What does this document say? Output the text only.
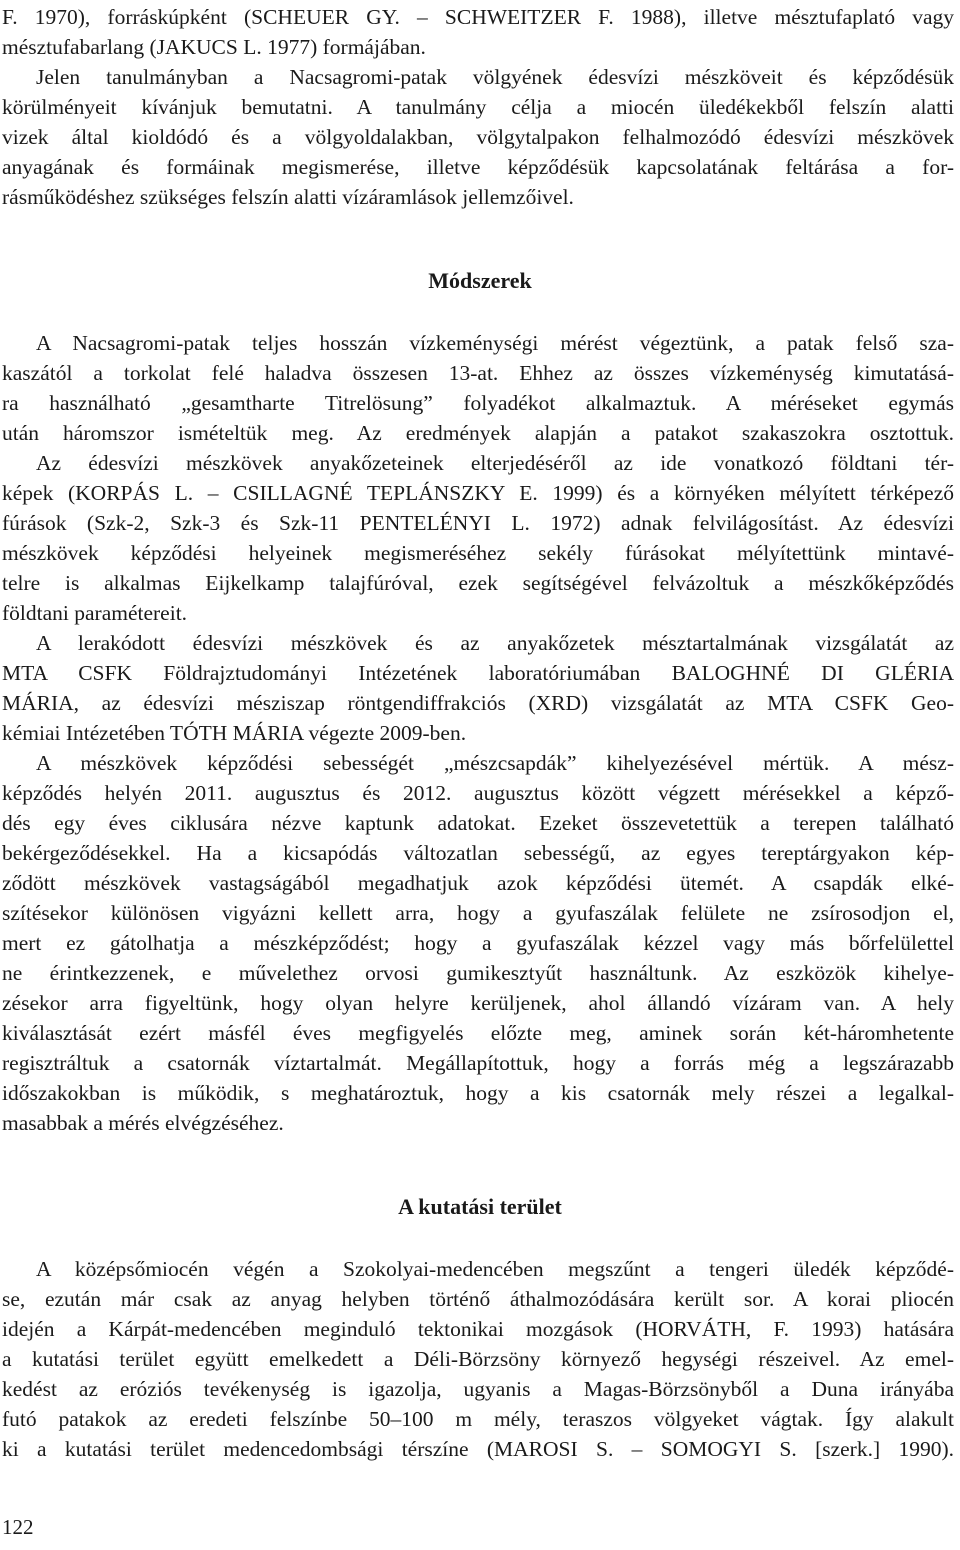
F. 1970), forráskúpként (SCHEUER GY. – SCHWEITZER F. 1988), illetve mésztufaplató vagy
mésztufabarlang (JAKUCS L. 1977) formájában.
Jelen tanulmányban a Nacsagromi-patak völgyének édesvízi mészköveit és képződésük
körülményeit kívánjuk bemutatni. A tanulmány célja a miocén üledékekből felszín alatti
vizek által kioldódó és a völgyoldalakban, völgytalpakon felhalmozódó édesvízi mészkövek
anyagának és formáinak megismerése, illetve képződésük kapcsolatának feltárása a for-
rásműködéshez szükséges felszín alatti vízáramlások jellemzőivel.
Módszerek
A Nacsagromi-patak teljes hosszán vízkeménységi mérést végeztünk, a patak felső sza-
kaszától a torkolat felé haladva összesen 13-at. Ehhez az összes vízkeménység kimutatásá-
ra használható „gesamtharte Titrelösung” folyadékot alkalmaztuk. A méréseket egymás
után háromszor ismételtük meg. Az eredmények alapján a patakot szakaszokra osztottuk.
Az édesvízi mészkövek anyakőzeteinek elterjedéséről az ide vonatkozó földtani tér-
képek (KORPÁS L. – CSILLAGNÉ TEPLÁNSZKY E. 1999) és a környéken mélyített térképező
fúrások (Szk-2, Szk-3 és Szk-11 PENTELÉNYI L. 1972) adnak felvilágosítást. Az édesvízi
mészkövek képződési helyeinek megismeréséhez sekély fúrásokat mélyítettünk mintavé-
telre is alkalmas Eijkelkamp talajfúróval, ezek segítségével felvázoltuk a mészkőképződés
földtani paramétereit.
A lerakódott édesvízi mészkövek és az anyakőzetek mésztartalmának vizsgálatát az
MTA CSFK Földrajztudományi Intézetének laboratóriumában BALOGHNÉ DI GLÉRIA
MÁRIA, az édesvízi mésziszap röntgendiffrakciós (XRD) vizsgálatát az MTA CSFK Geo-
kémiai Intézetében TÓTH MÁRIA végezte 2009-ben.
A mészkövek képződési sebességét „mészcsapdák” kihelyezésével mértük. A mész-
képződés helyén 2011. augusztus és 2012. augusztus között végzett mérésekkel a képző-
dés egy éves ciklusára nézve kaptunk adatokat. Ezeket összevetettük a terepen található
bekérgeződésekkel. Ha a kicsapódás változatlan sebességű, az egyes tereptárgyakon kép-
ződött mészkövek vastagságából megadhatjuk azok képződési ütemét. A csapdák elké-
szítésekor különösen vigyázni kellett arra, hogy a gyufaszálak felülete ne zsírosodjon el,
mert ez gátolhatja a mészképződést; hogy a gyufaszálak kézzel vagy más bőrfelülettel
ne érintkezzenek, e művelethez orvosi gumikesztyűt használtunk. Az eszközök kihelye-
zésekor arra figyeltünk, hogy olyan helyre kerüljenek, ahol állandó vízáram van. A hely
kiválasztását ezért másfél éves megfigyelés előzte meg, aminek során két-háromhetente
regisztráltuk a csatornák víztartalmát. Megállapítottuk, hogy a forrás még a legszárazabb
időszakokban is működik, s meghatároztuk, hogy a kis csatornák mely részei a legalkal-
masabbak a mérés elvégzéséhez.
A kutatási terület
A középsőmiocén végén a Szokolyai-medencében megszűnt a tengeri üledék képződé-
se, ezután már csak az anyag helyben történő áthalmozódására került sor. A korai pliocén
idején a Kárpát-medencében meginduló tektonikai mozgások (HORVÁTH, F. 1993) hatására
a kutatási terület együtt emelkedett a Déli-Börzsöny környező hegységi részeivel. Az emel-
kedést az eróziós tevékenység is igazolja, ugyanis a Magas-Börzsönyből a Duna irányába
futó patakok az eredeti felszínbe 50–100 m mély, teraszos völgyeket vágtak. Így alakult
ki a kutatási terület medencedombsági térszíne (MAROSI S. – SOMOGYI S. [szerk.] 1990).
122
